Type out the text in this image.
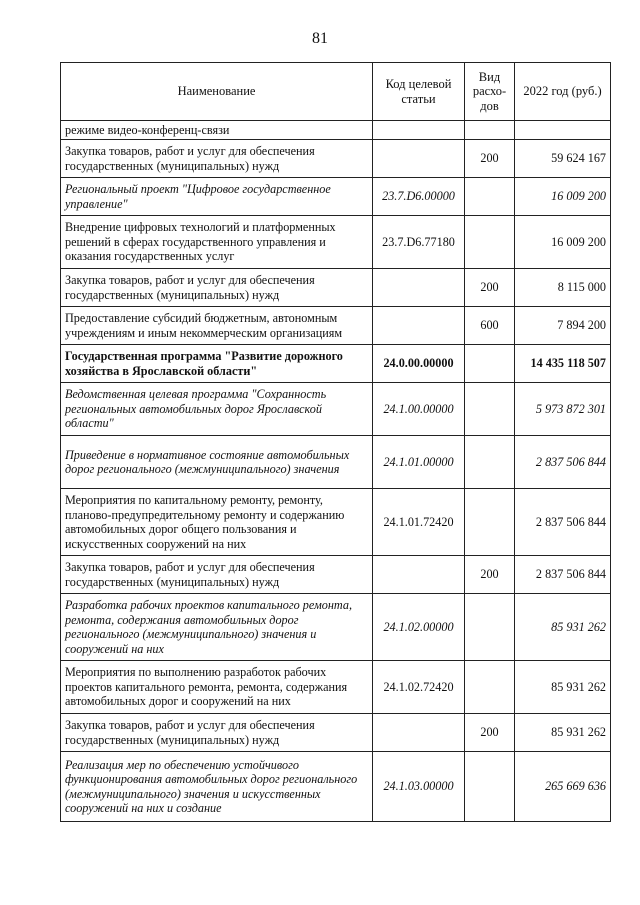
81
Наименование	Код целевой статьи	Вид расхо-дов	2022 год (руб.)
режиме видео-конференц-связи			
Закупка товаров, работ и услуг для обеспечения государственных (муниципальных) нужд		200	59 624 167
Региональный проект "Цифровое государственное управление"	23.7.D6.00000		16 009 200
Внедрение цифровых технологий и платформенных решений в сферах государственного управления и оказания государственных услуг	23.7.D6.77180		16 009 200
Закупка товаров, работ и услуг для обеспечения государственных (муниципальных) нужд		200	8 115 000
Предоставление субсидий бюджетным, автономным учреждениям и иным некоммерческим организациям		600	7 894 200
Государственная программа "Развитие дорожного хозяйства в Ярославской области"	24.0.00.00000		14 435 118 507
Ведомственная целевая программа "Сохранность региональных автомобильных дорог Ярославской области"	24.1.00.00000		5 973 872 301
Приведение в нормативное состояние автомобильных дорог регионального (межмуниципального) значения	24.1.01.00000		2 837 506 844
Мероприятия по капитальному ремонту, ремонту, планово-предупредительному ремонту и содержанию автомобильных дорог общего пользования и искусственных сооружений на них	24.1.01.72420		2 837 506 844
Закупка товаров, работ и услуг для обеспечения государственных (муниципальных) нужд		200	2 837 506 844
Разработка рабочих проектов капитального ремонта, ремонта, содержания автомобильных дорог регионального (межмуниципального) значения и сооружений на них	24.1.02.00000		85 931 262
Мероприятия по выполнению разработок рабочих проектов капитального ремонта, ремонта, содержания автомобильных дорог и сооружений на них	24.1.02.72420		85 931 262
Закупка товаров, работ и услуг для обеспечения государственных (муниципальных) нужд		200	85 931 262
Реализация мер по обеспечению устойчивого функционирования автомобильных дорог регионального (межмуниципального) значения и искусственных сооружений на них и создание	24.1.03.00000		265 669 636
